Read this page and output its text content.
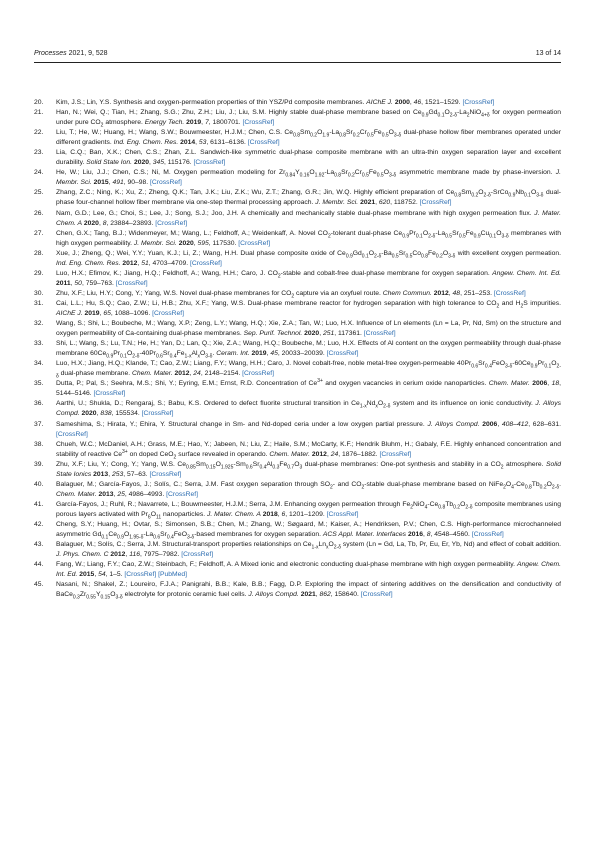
Processes 2021, 9, 528	13 of 14
20. Kim, J.S.; Lin, Y.S. Synthesis and oxygen-permeation properties of thin YSZ/Pd composite membranes. AIChE J. 2000, 46, 1521–1529. [CrossRef]
21. Han, N.; Wei, Q.; Tian, H.; Zhang, S.G.; Zhu, Z.H.; Liu, J.; Liu, S.M. Highly stable dual-phase membrane based on $Ce_{0.9}Gd_{0.1}O_{2-\delta}-La_2NiO_{4+\delta}$ for oxygen permeation under pure $CO_2$ atmosphere. Energy Tech. 2019, 7, 1800701. [CrossRef]
22. Liu, T.; He, W.; Huang, H.; Wang, S.W.; Bouwmeester, H.J.M.; Chen, C.S. $Ce_{0.8}Sm_{0.2}O_{1.9}-La_{0.8}Sr_{0.2}Cr_{0.5}Fe_{0.5}O_{3-\delta}$ dual-phase hollow fiber membranes operated under different gradients. Ind. Eng. Chem. Res. 2014, 53, 6131–6136. [CrossRef]
23. Lia, C.Q.; Ban, X.K.; Chen, C.S.; Zhan, Z.L. Sandwich-like symmetric dual-phase composite membrane with an ultra-thin oxygen separation layer and excellent durability. Solid State Ion. 2020, 345, 115176. [CrossRef]
24. He, W.; Liu, J.J.; Chen, C.S.; Ni, M. Oxygen permeation modeling for $Zr_{0.84}Y_{0.16}O_{1.92}-La_{0.8}Sr_{0.2}Cr_{0.5}Fe_{0.5}O_{3-\delta}$ asymmetric membrane made by phase-inversion. J. Membr. Sci. 2015, 491, 90–98. [CrossRef]
25. Zhang, Z.C.; Ning, K.; Xu, Z.; Zheng, Q.K.; Tan, J.K.; Liu, Z.K.; Wu, Z.T.; Zhang, G.R.; Jin, W.Q. Highly efficient preparation of $Ce_{0.8}Sm_{0.2}O_{2-\delta}-SrCo_{0.9}Nb_{0.1}O_{3-\delta}$ dual-phase four-channel hollow fiber membrane via one-step thermal processing approach. J. Membr. Sci. 2021, 620, 118752. [CrossRef]
26. Nam, G.D.; Lee, G.; Choi, S.; Lee, J.; Song, S.J.; Joo, J.H. A chemically and mechanically stable dual-phase membrane with high oxygen permeation flux. J. Mater. Chem. A 2020, 8, 23884–23893. [CrossRef]
27. Chen, G.X.; Tang, B.J.; Widenmeyer, M.; Wang, L.; Feldhoff, A.; Weidenkaff, A. Novel $CO_2$-tolerant dual-phase $Ce_{0.9}Pr_{0.1}O_{2-\delta}-La_{0.5}Sr_{0.5}Fe_{0.9}Cu_{0.1}O_{3-\delta}$ membranes with high oxygen permeability. J. Membr. Sci. 2020, 595, 117530. [CrossRef]
28. Xue, J.; Zheng, Q.; Wei, Y.Y.; Yuan, K.J.; Li, Z.; Wang, H.H. Dual phase composite oxide of $Ce_{0.9}Gd_{0.1}O_{2-\delta}-Ba_{0.5}Sr_{0.5}Co_{0.8}Fe_{0.2}O_{3-\delta}$ with excellent oxygen permeation. Ind. Eng. Chem. Res. 2012, 51, 4703–4709. [CrossRef]
29. Luo, H.X.; Efimov, K.; Jiang, H.Q.; Feldhoff, A.; Wang, H.H.; Caro, J. $CO_2$-stable and cobalt-free dual-phase membrane for oxygen separation. Angew. Chem. Int. Ed. 2011, 50, 759–763. [CrossRef]
30. Zhu, X.F.; Liu, H.Y.; Cong, Y.; Yang, W.S. Novel dual-phase membranes for $CO_2$ capture via an oxyfuel route. Chem Commun. 2012, 48, 251–253. [CrossRef]
31. Cai, L.L.; Hu, S.Q.; Cao, Z.W.; Li, H.B.; Zhu, X.F.; Yang, W.S. Dual-phase membrane reactor for hydrogen separation with high tolerance to $CO_2$ and $H_2S$ impurities. AIChE J. 2019, 65, 1088–1096. [CrossRef]
32. Wang, S.; Shi, L.; Boubeche, M.; Wang, X.P.; Zeng, L.Y.; Wang, H.Q.; Xie, Z.A.; Tan, W.; Luo, H.X. Influence of Ln elements (Ln = La, Pr, Nd, Sm) on the structure and oxygen permeability of Ca-containing dual-phase membranes. Sep. Purif. Technol. 2020, 251, 117361. [CrossRef]
33. Shi, L.; Wang, S.; Lu, T.N.; He, H.; Yan, D.; Lan, Q.; Xie, Z.A.; Wang, H.Q.; Boubeche, M.; Luo, H.X. Effects of Al content on the oxygen permeability through dual-phase membrane $60Ce_{0.9}Pr_{0.1}O_{2-\delta}-40Pr_{0.6}Sr_{0.4}Fe_{1-x}Al_xO_{3-\delta}$. Ceram. Int. 2019, 45, 20033–20039. [CrossRef]
34. Luo, H.X.; Jiang, H.Q.; Klande, T.; Cao, Z.W.; Liang, F.Y.; Wang, H.H.; Caro, J. Novel cobalt-free, noble metal-free oxygen-permeable $40Pr_{0.6}Sr_{0.4}FeO_{3-\delta}-60Ce_{0.9}Pr_{0.1}O_{2-\delta}$ dual-phase membrane. Chem. Mater. 2012, 24, 2148–2154. [CrossRef]
35. Dutta, P.; Pal, S.; Seehra, M.S.; Shi, Y.; Eyring, E.M.; Ernst, R.D. Concentration of $Ce^{3+}$ and oxygen vacancies in cerium oxide nanoparticles. Chem. Mater. 2006, 18, 5144–5146. [CrossRef]
36. Aarthi, U.; Shukla, D.; Rengaraj, S.; Babu, K.S. Ordered to defect fluorite structural transition in $Ce_{1-x}Nd_xO_{2-\delta}$ system and its influence on ionic conductivity. J. Alloys Compd. 2020, 838, 155534. [CrossRef]
37. Sameshima, S.; Hirata, Y.; Ehira, Y. Structural change in Sm- and Nd-doped ceria under a low oxygen partial pressure. J. Alloys Compd. 2006, 408–412, 628–631. [CrossRef]
38. Chueh, W.C.; McDaniel, A.H.; Grass, M.E.; Hao, Y.; Jabeen, N.; Liu, Z.; Haile, S.M.; McCarty, K.F.; Hendrik Bluhm, H.; Gabaly, F.E. Highly enhanced concentration and stability of reactive $Ce^{3+}$ on doped CeO$_2$ surface revealed in operando. Chem. Mater. 2012, 24, 1876–1882. [CrossRef]
39. Zhu, X.F.; Liu, Y.; Cong, Y.; Yang, W.S. $Ce_{0.85}Sm_{0.15}O_{1.925}-Sm_{0.6}Sr_{0.4}Al_{0.3}Fe_{0.7}O_3$ dual-phase membranes: One-pot synthesis and stability in a $CO_2$ atmosphere. Solid State Ionics 2013, 253, 57–63. [CrossRef]
40. Balaguer, M.; García-Fayos, J.; Solís, C.; Serra, J.M. Fast oxygen separation through $SO_2-$ and $CO_2$-stable dual-phase membrane based on $NiFe_2O_4-Ce_{0.8}Tb_{0.2}O_{2-\delta}$. Chem. Mater. 2013, 25, 4986–4993. [CrossRef]
41. García-Fayos, J.; Ruhl, R.; Navarrete, L.; Bouwmeester, H.J.M.; Serra, J.M. Enhancing oxygen permeation through $Fe_2NiO_4-Ce_{0.8}Tb_{0.2}O_{2-\delta}$ composite membranes using porous layers activated with $Pr_6O_{11}$ nanoparticles. J. Mater. Chem. A 2018, 6, 1201–1209. [CrossRef]
42. Cheng, S.Y.; Huang, H.; Ovtar, S.; Simonsen, S.B.; Chen, M.; Zhang, W.; Søgaard, M.; Kaiser, A.; Hendriksen, P.V.; Chen, C.S. High-performance microchanneled asymmetric $Gd_{0.1}Ce_{0.9}O_{1.95-\delta}-La_{0.6}Sr_{0.4}FeO_{3-\delta}$-based membranes for oxygen separation. ACS Appl. Mater. Interfaces 2016, 8, 4548–4560. [CrossRef]
43. Balaguer, M.; Solís, C.; Serra, J.M. Structural-transport properties relationships on $Ce_{1-x}Ln_xO_{2-\delta}$ system (Ln = Gd, La, Tb, Pr, Eu, Er, Yb, Nd) and effect of cobalt addition. J. Phys. Chem. C 2012, 116, 7975–7982. [CrossRef]
44. Fang, W.; Liang, F.Y.; Cao, Z.W.; Steinbach, F.; Feldhoff, A. A Mixed ionic and electronic conducting dual-phase membrane with high oxygen permeability. Angew. Chem. Int. Ed. 2015, 54, 1–5. [CrossRef] [PubMed]
45. Nasani, N.; Shakel, Z.; Loureiro, F.J.A.; Panigrahi, B.B.; Kale, B.B.; Fagg, D.P. Exploring the impact of sintering additives on the densification and conductivity of $BaCe_{0.3}Zr_{0.55}Y_{0.15}O_{3-\delta}$ electrolyte for protonic ceramic fuel cells. J. Alloys Compd. 2021, 862, 158640. [CrossRef]
